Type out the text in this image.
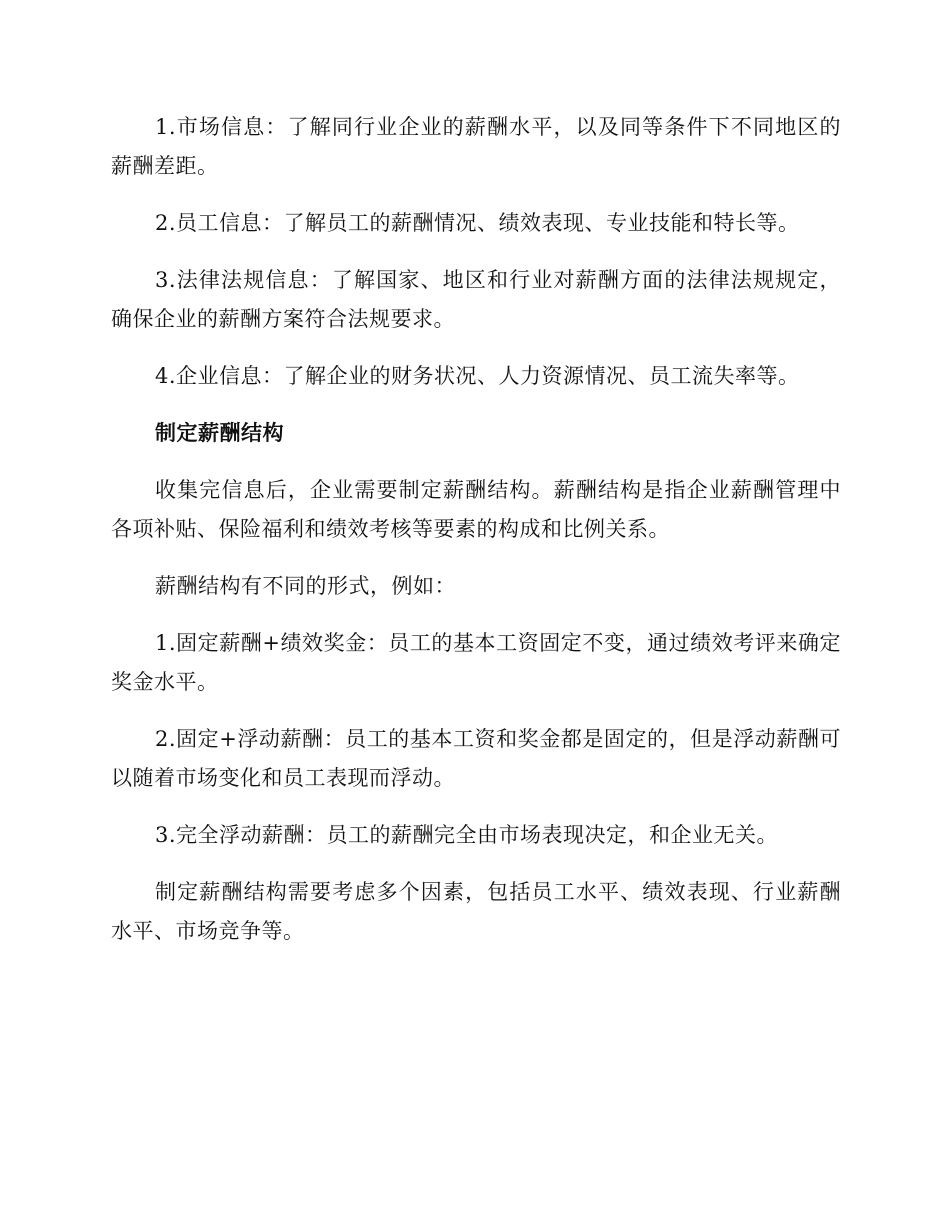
1.市场信息：了解同行业企业的薪酬水平，以及同等条件下不同地区的薪酬差距。

2.员工信息：了解员工的薪酬情况、绩效表现、专业技能和特长等。

3.法律法规信息：了解国家、地区和行业对薪酬方面的法律法规规定，确保企业的薪酬方案符合法规要求。

4.企业信息：了解企业的财务状况、人力资源情况、员工流失率等。

制定薪酬结构

收集完信息后，企业需要制定薪酬结构。薪酬结构是指企业薪酬管理中各项补贴、保险福利和绩效考核等要素的构成和比例关系。

薪酬结构有不同的形式，例如：

1.固定薪酬+绩效奖金：员工的基本工资固定不变，通过绩效考评来确定奖金水平。

2.固定+浮动薪酬：员工的基本工资和奖金都是固定的，但是浮动薪酬可以随着市场变化和员工表现而浮动。

3.完全浮动薪酬：员工的薪酬完全由市场表现决定，和企业无关。

制定薪酬结构需要考虑多个因素，包括员工水平、绩效表现、行业薪酬水平、市场竞争等。
